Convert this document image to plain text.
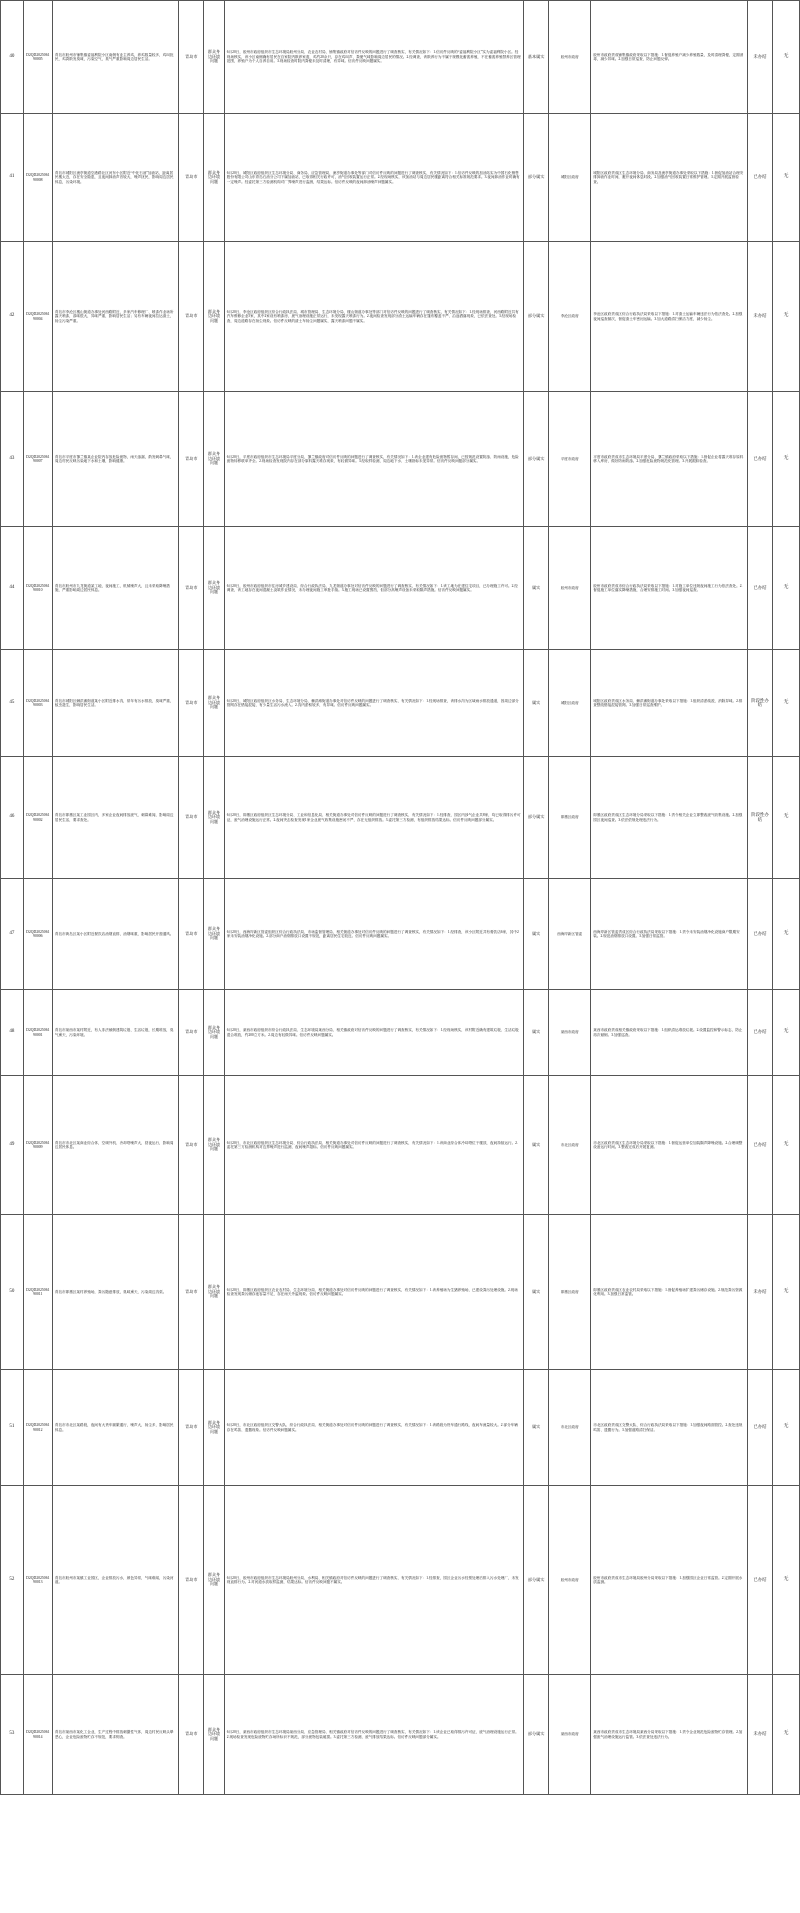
40	D2QD202506190005	青岛市胶州市铺集镇委福利院小区南侧有业主养鸡，养鸡数量较多，鸡叫扰民，鸡粪散发臭味，污染空气，臭气严重影响周边居民生活。	青岛市	群众身边环境问题	6月20日，胶州市政府组织市生态环境局胶州分局、农业农村局、铺集镇政府对信访件反映的问题进行了调查核实，有关情况如下：1.信访件反映的“委福利院小区”实为委福利院小区。经现场核实，该小区南侧确有居民在自家院内散养家禽，鸡约20余只，存在鸡叫声、粪便气味影响周边居民的情况。2.经调查，该散养行为不属于规模化畜禽养殖，不在畜禽养殖禁养区管理范围，养殖户为个人自养自用。3.现场检查时院内粪便未及时清理，有异味。信访件反映问题属实。	基本属实	胶州市政府	胶州市政府责成铺集镇政府采取以下措施：1.督促养殖户减少养殖数量，及时清理粪便，定期消毒，减少异味。2.加强日常巡查，防止问题反弹。	未办结	无
41	D2QD202506190008	青岛市城阳区流亭街道空港路社区河东小区附近“中化石油”加油站，距离居民楼太近，存在安全隐患，且夜间卸油声音较大，噪声扰民，影响周边居民休息，污染环境。	青岛市	群众身边环境问题	6月20日，城阳区政府组织区生态环境分局、商务局、应急管理局、流亭街道办事处等部门对信访件反映的问题进行了调查核实，有关情况如下：1.信访件反映的加油站实为中国石化销售股份有限公司山东青岛石油分公司下属加油站，已取得相关行政许可，油气回收装置运行正常。2.经现场核实，该加油站与周边居民楼距离符合相关标准规范要求。3.夜间卸油作业时确有一定噪声。经委托第三方检测机构对厂界噪声进行监测，结果达标。信访件反映的夜间卸油噪声问题属实。	部分属实	城阳区政府	城阳区政府责成区生态环境分局、商务局及流亭街道办事处采取以下措施：1.督促加油站合理安排卸油作业时间，避开夜间休息时段。2.加强油气回收装置日常维护管理。3.定期开展监督检查。	已办结	无
42	D2QD202506190004	青岛市李沧区楼山街道办事处河西路附近，多家汽车修理厂、喷漆作业场所露天喷漆，漆味很大，异味严重，影响居民生活；另有车辆夜间拉运渣土，扬尘污染严重。	青岛市	群众身边环境问题	6月20日，李沧区政府组织区综合行政执法局、城市管理局、生态环境分局、楼山街道办事处等部门对信访件反映的问题进行了调查核实，有关情况如下：1.经现场排查，河西路附近共有汽车维修企业5家，其中2家设有喷漆房，废气治理设施正常运行，未发现露天喷漆行为。2.夜间检查发现部分渣土运输车辆存在篷布覆盖不严、沿途洒落现象，已依法查处。3.经现场检查，周边道路存在扬尘现象。信访件反映的渣土车扬尘问题属实，露天喷漆问题不属实。	部分属实	李沧区政府	李沧区政府责成区综合行政执法局采取以下措施：1.对渣土运输车辆违法行为依法查处。2.加强夜间巡查频次，督促渣土车密闭运输。3.加大道路清扫保洁力度，减少扬尘。	未办结	无
43	D2QD202506190007	青岛市平度市蓼兰镇某企业院内存放危险废物，雨天渗漏，散发刺鼻气味，周边村民反映污染地下水和土壤，影响健康。	青岛市	群众身边环境问题	6月20日，平度市政府组织市生态环境局平度分局、蓼兰镇政府对信访件反映的问题进行了调查核实，有关情况如下：1.该企业建有危险废物暂存间，已按规范设置防渗、防雨设施，危险废物转移联单齐全。2.现场检查发现院内存在部分原料露天堆存现象，有轻微异味。3.经取样检测，周边地下水、土壤指标未见异常。信访件反映问题部分属实。	部分属实	平度市政府	平度市政府责成市生态环境局平度分局、蓼兰镇政府采取以下措施：1.督促企业将露天堆存原料移入库房，做好防雨防渗。2.加强危险废物规范化管理。3.开展跟踪检查。	已办结	无
44	D2QD202506190010	青岛市胶州市九龙街道某工地，夜间施工，机械噪声大，且未采取降噪措施，严重影响周边居民休息。	青岛市	群众身边环境问题	6月20日，胶州市政府组织市住房城乡建设局、综合行政执法局、九龙街道办事处对信访件反映的问题进行了调查核实，有关情况如下：1.该工地为在建住宅项目，已办理施工许可。2.经调查，该工地存在夜间混凝土浇筑作业情况，未办理夜间施工审批手续。3.施工现场已设置围挡，但部分高噪声设备未采取隔声措施。信访件反映问题属实。	属实	胶州市政府	胶州市政府责成市综合行政执法局采取以下措施：1.对施工单位违规夜间施工行为依法查处。2.督促施工单位落实降噪措施，合理安排施工时间。3.加强夜间巡查。	已办结	无
45	D2QD202506190003	青岛市城阳区棘洪滩街道某小区附近排水沟，常年有污水排放，臭味严重，蚊虫滋生，影响居民生活。	青岛市	群众身边环境问题	6月20日，城阳区政府组织区水务局、生态环境分局、棘洪滩街道办事处对信访件反映的问题进行了调查核实，有关情况如下：1.经现场排查，该排水沟为区域雨水排放通道，因周边部分管网存在错接混接，有少量生活污水流入。2.沟内淤积较多，有异味。信访件反映问题属实。	属实	城阳区政府	城阳区政府责成区水务局、棘洪滩街道办事处采取以下措施：1.组织清淤疏浚，消除异味。2.排查整改错接混接管网。3.加强日常巡查维护。	阶段性办结	无
46	D2QD202506190002	青岛市即墨区某工业园区内，多家企业夜间排放废气，刺鼻难闻，影响周边居民生活，要求查处。	青岛市	群众身边环境问题	6月20日，即墨区政府组织区生态环境分局、工业和信息化局、相关街道办事处对信访件反映的问题进行了调查核实，有关情况如下：1.经排查，园区内涉气企业共8家，均已取得排污许可证，废气治理设施运行正常。2.夜间突击检查发现1家企业废气收集设施密闭不严，存在无组织排放。3.委托第三方检测，有组织排放结果达标。信访件反映问题部分属实。	部分属实	即墨区政府	即墨区政府责成区生态环境分局采取以下措施：1.责令相关企业立即整改废气收集设施。2.加强园区夜间巡查。3.依法依规处理违法行为。	阶段性办结	无
47	D2QD202506190006	青岛市黄岛区某小区附近餐饮店油烟直排，油烟味重，影响居民开窗通风。	青岛市	群众身边环境问题	6月20日，西海岸新区管委组织区综合行政执法局、市场监督管理局、相关街道办事处对信访件反映的问题进行了调查核实，有关情况如下：1.经排查，该小区附近共有餐饮店6家，其中2家未安装油烟净化设施。2.部分商户油烟排放口设置不规范，距离居民住宅较近。信访件反映问题属实。	属实	西海岸新区管委	西海岸新区管委责成区综合行政执法局采取以下措施：1.责令未安装油烟净化设施商户限期安装。2.规范油烟排放口设置。3.加强日常监管。	已办结	无
48	D2QD202506190001	青岛市莱西市某村附近，有人非法倾倒建筑垃圾、生活垃圾，长期堆放，臭气熏天，污染环境。	青岛市	群众身边环境问题	6月20日，莱西市政府组织市综合行政执法局、生态环境局莱西分局、相关镇政府对信访件反映的问题进行了调查核实，有关情况如下：1.经现场核实，该村附近确有建筑垃圾、生活垃圾混合堆放，约200立方米。2.周边有轻微异味。信访件反映问题属实。	属实	莱西市政府	莱西市政府责成相关镇政府采取以下措施：1.组织清运堆放垃圾。2.设置监控和警示标志，防止再次倾倒。3.加强巡查。	已办结	无
49	D2QD202506190009	青岛市市北区某商业综合体，空调外机、冷却塔噪声大，昼夜运行，影响周边居民休息。	青岛市	群众身边环境问题	6月20日，市北区政府组织区生态环境分局、综合行政执法局、相关街道办事处对信访件反映的问题进行了调查核实，有关情况如下：1.该商业综合体冷却塔位于楼顶，夜间持续运行。2.委托第三方检测机构对边界噪声进行监测，夜间噪声超标。信访件反映问题属实。	属实	市北区政府	市北区政府责成区生态环境分局采取以下措施：1.督促运营单位加装隔声降噪设施。2.合理调整设备运行时间。3.整改完成后开展复测。	已办结	无
50	D2QD202506190011	青岛市即墨区某村养殖场，粪污随意排放，臭味熏天，污染周边沟渠。	青岛市	群众身边环境问题	6月20日，即墨区政府组织区农业农村局、生态环境分局、相关街道办事处对信访件反映的问题进行了调查核实，有关情况如下：1.该养殖场为生猪养殖场，已建设粪污处理设施。2.现场检查发现粪污储存池容量不足，存在雨天外溢现象。信访件反映问题属实。	属实	即墨区政府	即墨区政府责成区农业农村局采取以下措施：1.督促养殖场扩建粪污储存设施。2.规范粪污资源化利用。3.加强日常监管。	未办结	无
51	D2QD202506190012	青岛市市北区某路段，夜间有大货车频繁通行，噪声大，扬尘多，影响居民休息。	青岛市	群众身边环境问题	6月20日，市北区政府组织区交警大队、综合行政执法局、相关街道办事处对信访件反映的问题进行了调查核实，有关情况如下：1.该路段为货车通行路线，夜间车流量较大。2.部分车辆存在鸣笛、遗撒现象。信访件反映问题属实。	属实	市北区政府	市北区政府责成区交警大队、综合行政执法局采取以下措施：1.加强夜间路面管控。2.查处违规鸣笛、遗撒行为。3.加强道路清扫保洁。	已办结	无
52	D2QD202506190013	青岛市胶州市某镇工业园区，企业排放污水，颜色异常，气味难闻，污染河道。	青岛市	群众身边环境问题	6月20日，胶州市政府组织市生态环境局胶州分局、水利局、相关镇政府对信访件反映的问题进行了调查核实，有关情况如下：1.经排查，园区企业污水经预处理后排入污水处理厂，未发现直排行为。2.对河道水质取样监测，结果达标。信访件反映问题不属实。	部分属实	胶州市政府	胶州市政府责成市生态环境局胶州分局采取以下措施：1.加强园区企业日常监管。2.定期开展水质监测。	已办结	无
53	D2QD202506190014	青岛市莱西市某化工企业，生产过程中排放刺激性气体，周边村民反映头晕恶心，企业危险废物贮存不规范，要求彻查。	青岛市	群众身边环境问题	6月20日，莱西市政府组织市生态环境局莱西分局、应急管理局、相关镇政府对信访件反映的问题进行了调查核实，有关情况如下：1.该企业已取得排污许可证，废气治理设施运行正常。2.现场检查发现危险废物贮存场所标识不规范，部分废物包装破损。3.委托第三方检测，废气排放结果达标。信访件反映问题部分属实。	部分属实	莱西市政府	莱西市政府责成市生态环境局莱西分局采取以下措施：1.责令企业规范危险废物贮存管理。2.加强废气治理设施运行监管。3.依法查处违法行为。	未办结	无
